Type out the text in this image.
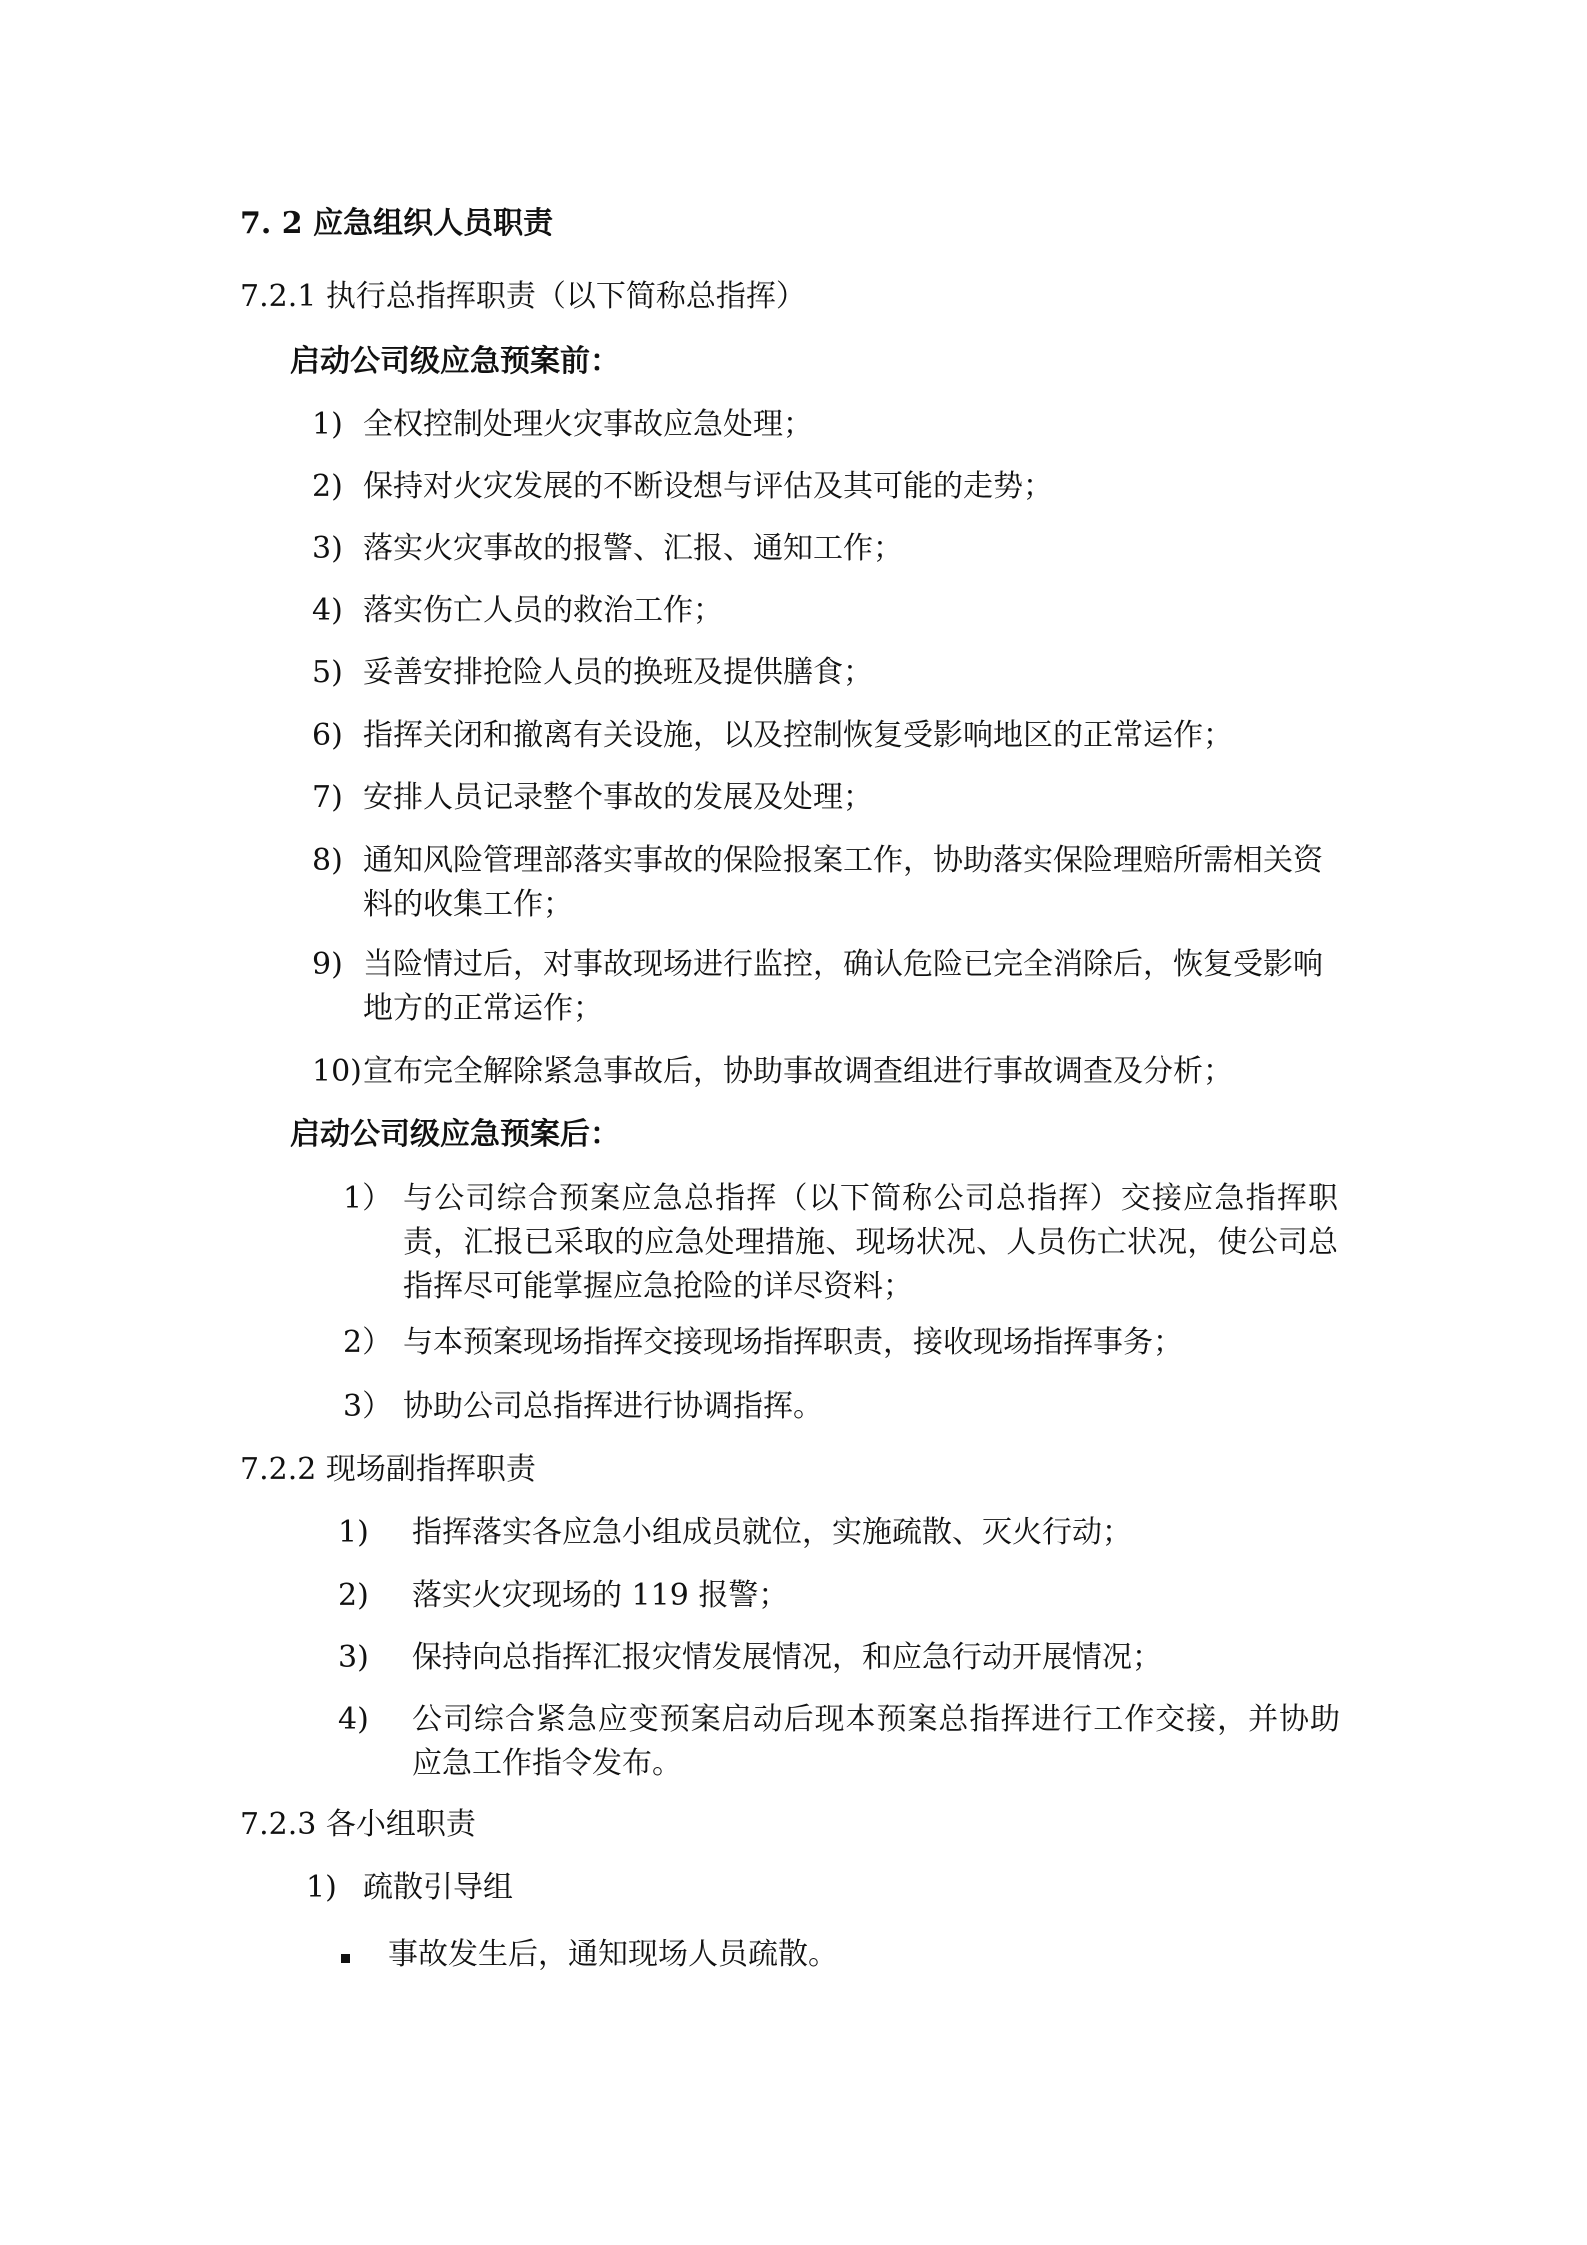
7. 2 应急组织人员职责
7.2.1 执行总指挥职责（以下简称总指挥）
启动公司级应急预案前：
1) 全权控制处理火灾事故应急处理；
2) 保持对火灾发展的不断设想与评估及其可能的走势；
3) 落实火灾事故的报警、汇报、通知工作；
4) 落实伤亡人员的救治工作；
5) 妥善安排抢险人员的换班及提供膳食；
6) 指挥关闭和撤离有关设施，以及控制恢复受影响地区的正常运作；
7) 安排人员记录整个事故的发展及处理；
8) 通知风险管理部落实事故的保险报案工作，协助落实保险理赔所需相关资料的收集工作；
9) 当险情过后，对事故现场进行监控，确认危险已完全消除后，恢复受影响地方的正常运作；
10) 宣布完全解除紧急事故后，协助事故调查组进行事故调查及分析；
启动公司级应急预案后：
1） 与公司综合预案应急总指挥（以下简称公司总指挥）交接应急指挥职责，汇报已采取的应急处理措施、现场状况、人员伤亡状况，使公司总指挥尽可能掌握应急抢险的详尽资料；
2） 与本预案现场指挥交接现场指挥职责，接收现场指挥事务；
3） 协助公司总指挥进行协调指挥。
7.2.2 现场副指挥职责
1) 指挥落实各应急小组成员就位，实施疏散、灭火行动；
2) 落实火灾现场的 119 报警；
3) 保持向总指挥汇报灾情发展情况，和应急行动开展情况；
4) 公司综合紧急应变预案启动后现本预案总指挥进行工作交接，并协助应急工作指令发布。
7.2.3 各小组职责
1) 疏散引导组
事故发生后，通知现场人员疏散。
